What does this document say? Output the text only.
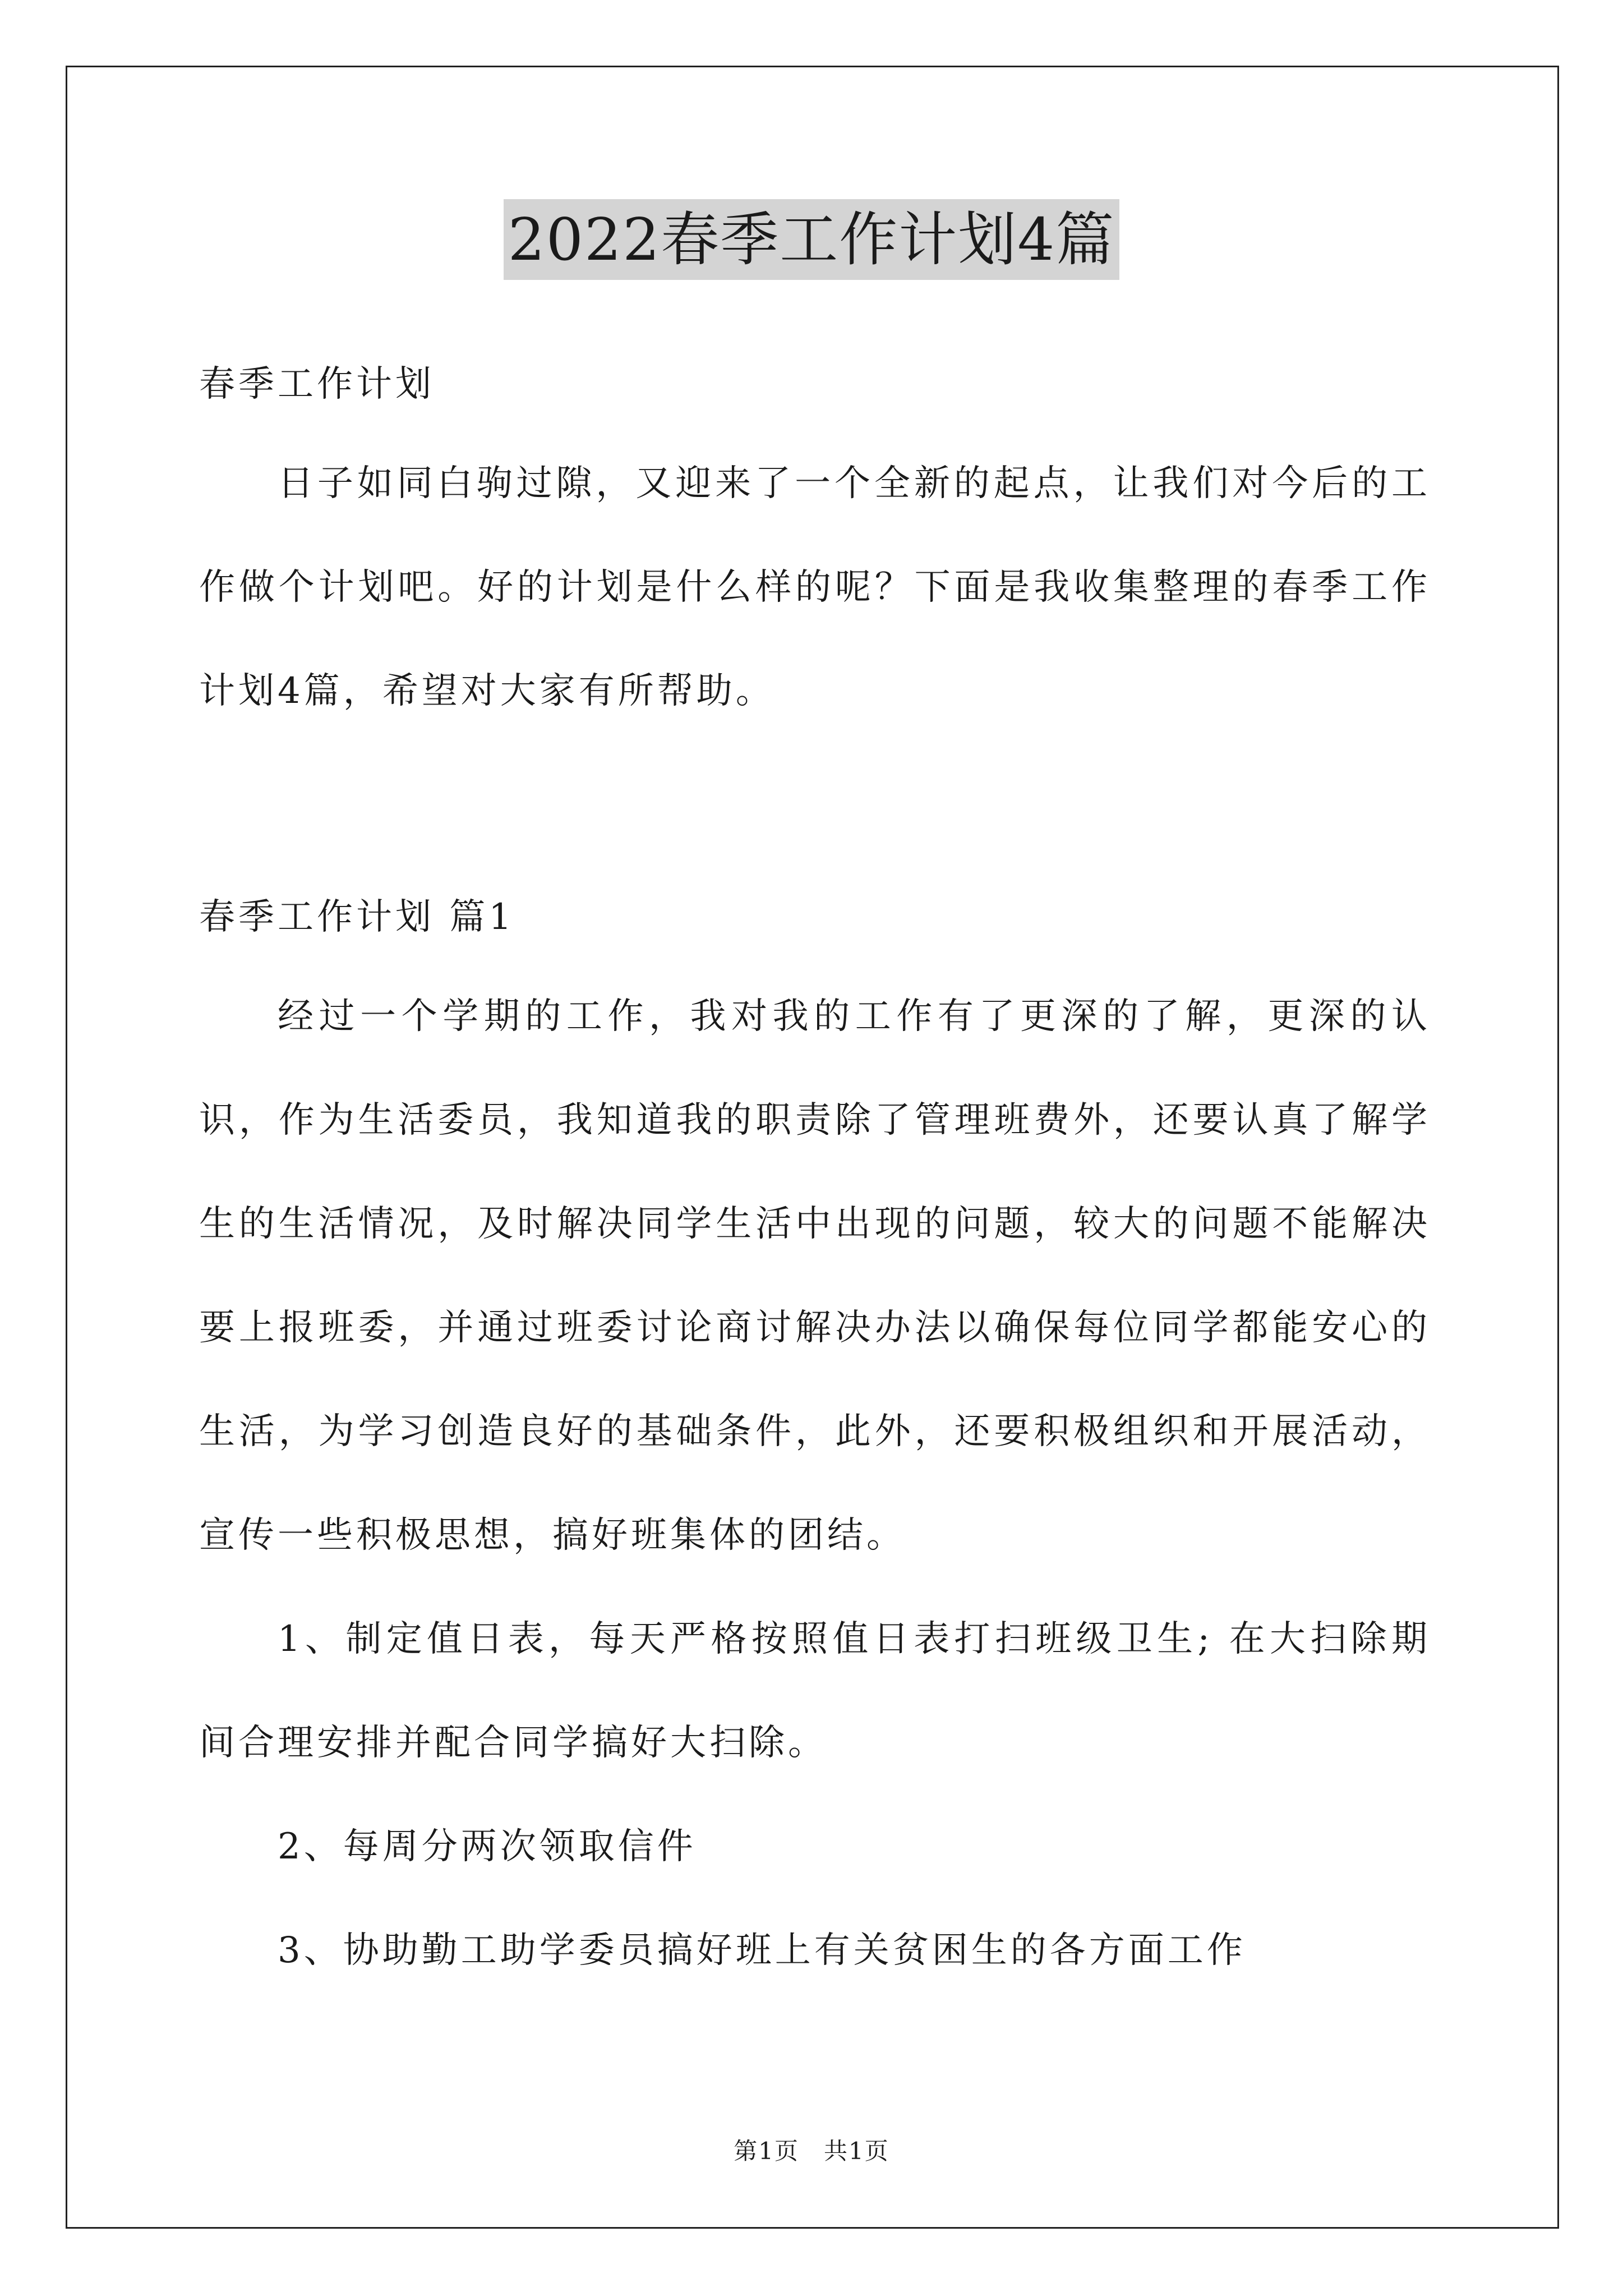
2022春季工作计划4篇
春季工作计划

日子如同白驹过隙，又迎来了一个全新的起点，让我们对今后的工作做个计划吧。好的计划是什么样的呢？下面是我收集整理的春季工作计划4篇，希望对大家有所帮助。

春季工作计划 篇1

经过一个学期的工作，我对我的工作有了更深的了解，更深的认识，作为生活委员，我知道我的职责除了管理班费外，还要认真了解学生的生活情况，及时解决同学生活中出现的问题，较大的问题不能解决要上报班委，并通过班委讨论商讨解决办法以确保每位同学都能安心的生活，为学习创造良好的基础条件，此外，还要积极组织和开展活动，宣传一些积极思想，搞好班集体的团结。

1、制定值日表，每天严格按照值日表打扫班级卫生; 在大扫除期间合理安排并配合同学搞好大扫除。

2、每周分两次领取信件

3、协助勤工助学委员搞好班上有关贫困生的各方面工作

第1页　共1页
